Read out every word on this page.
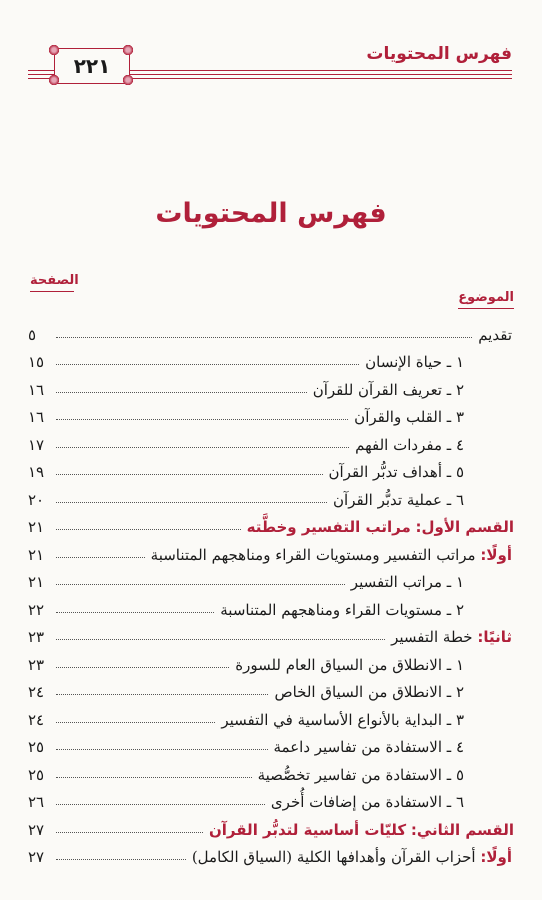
فهرس المحتويات
٢٢١
فهرس المحتويات
الموضوع
الصفحة
تقديم
٥
١ ـ حياة الإنسان
١٥
٢ ـ تعريف القرآن للقرآن
١٦
٣ ـ القلب والقرآن
١٦
٤ ـ مفردات الفهم
١٧
٥ ـ أهداف تدبُّر القرآن
١٩
٦ ـ عملية تدبُّر القرآن
٢٠
القسم الأول: مراتب التفسير وخطَّته
٢١
أولًا: مراتب التفسير ومستويات القراء ومناهجهم المتناسبة
٢١
١ ـ مراتب التفسير
٢١
٢ ـ مستويات القراء ومناهجهم المتناسبة
٢٢
ثانيًا: خطة التفسير
٢٣
١ ـ الانطلاق من السياق العام للسورة
٢٣
٢ ـ الانطلاق من السياق الخاص
٢٤
٣ ـ البداية بالأنواع الأساسية في التفسير
٢٤
٤ ـ الاستفادة من تفاسير داعمة
٢٥
٥ ـ الاستفادة من تفاسير تخصُّصية
٢٥
٦ ـ الاستفادة من إضافات أُخرى
٢٦
القسم الثاني: كليّات أساسية لتدبُّر القرآن
٢٧
أولًا: أحزاب القرآن وأهدافها الكلية (السياق الكامل)
٢٧
